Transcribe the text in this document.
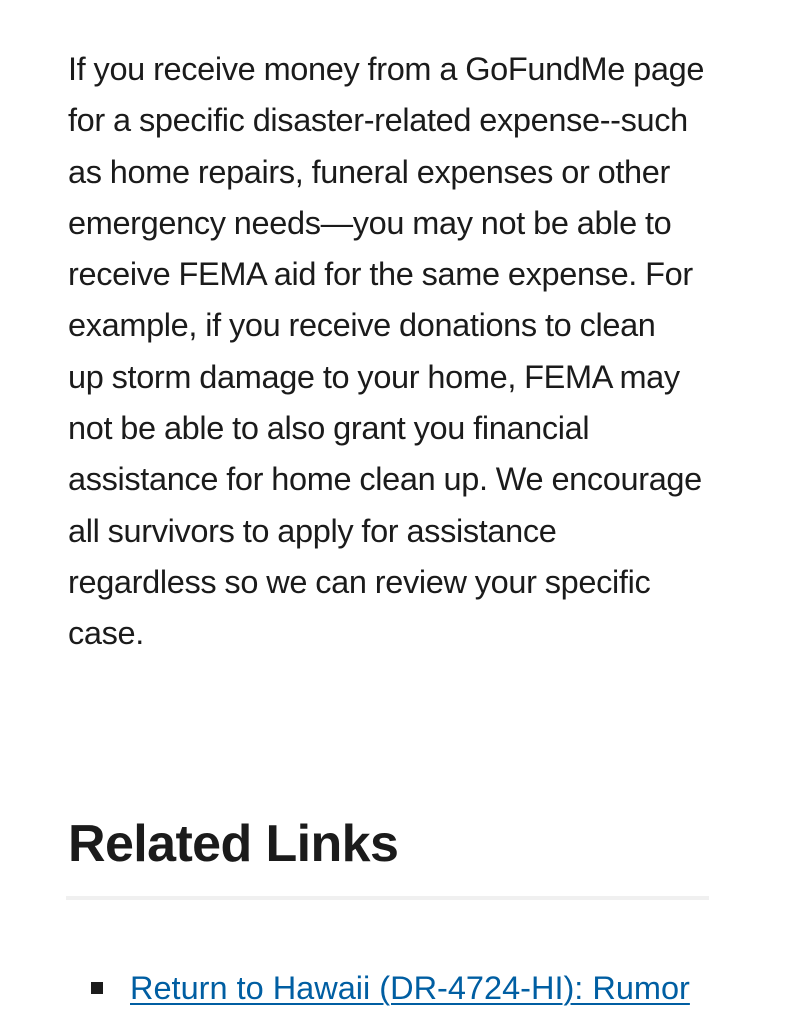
If you receive money from a GoFundMe page
for a specific disaster-related expense--such
as home repairs, funeral expenses or other
emergency needs—you may not be able to
receive FEMA aid for the same expense. For
example, if you receive donations to clean
up storm damage to your home, FEMA may
not be able to also grant you financial
assistance for home clean up. We encourage
all survivors to apply for assistance
regardless so we can review your specific
case.

Related Links
Return to Hawaii (DR-4724-HI): Rumor
